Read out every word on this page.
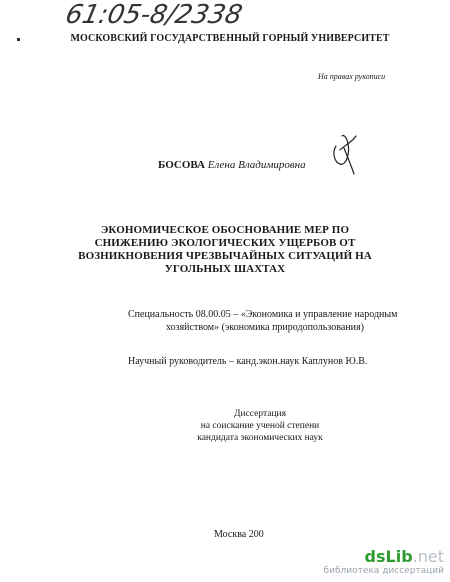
61:05-8/2338
МОСКОВСКИЙ ГОСУДАРСТВЕННЫЙ ГОРНЫЙ УНИВЕРСИТЕТ
На правах рукописи
БОСОВА Елена Владимировна
ЭКОНОМИЧЕСКОЕ ОБОСНОВАНИЕ МЕР ПО
СНИЖЕНИЮ ЭКОЛОГИЧЕСКИХ УЩЕРБОВ ОТ
ВОЗНИКНОВЕНИЯ ЧРЕЗВЫЧАЙНЫХ СИТУАЦИЙ НА
УГОЛЬНЫХ ШАХТАХ
Специальность 08.00.05 – «Экономика и управление народным
хозяйством» (экономика природопользования)
Научный руководитель – канд.экон.наук Каплунов Ю.В.
Диссертация
на соискание ученой степени
кандидата экономических наук
Москва 200
dsLib.net
библиотека диссертаций
